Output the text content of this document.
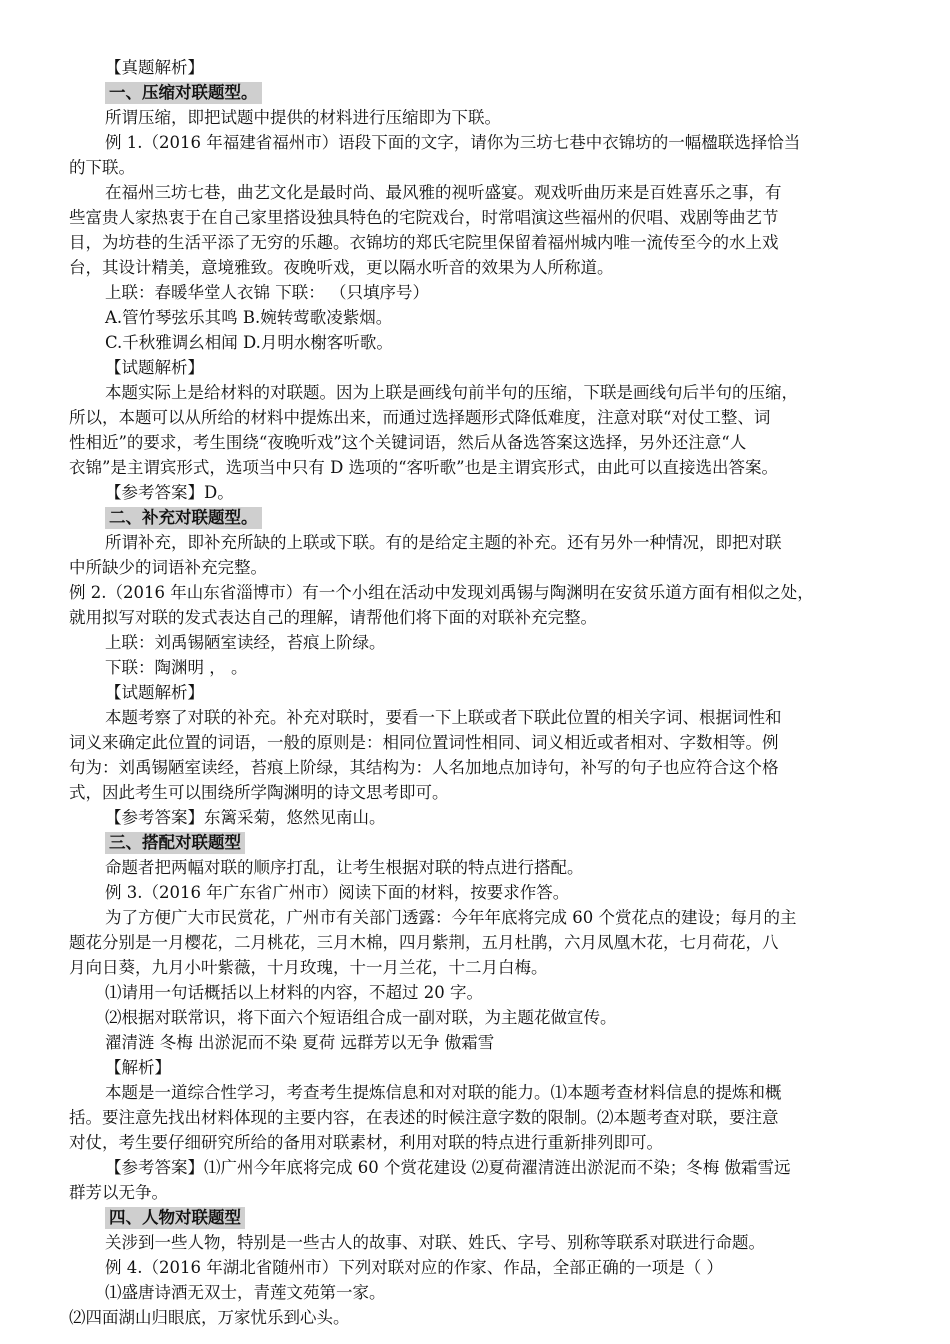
【真题解析】
一、压缩对联题型。
所谓压缩，即把试题中提供的材料进行压缩即为下联。
例 1.（2016 年福建省福州市）语段下面的文字，请你为三坊七巷中衣锦坊的一幅楹联选择恰当
的下联。
在福州三坊七巷，曲艺文化是最时尚、最风雅的视听盛宴。观戏听曲历来是百姓喜乐之事，有
些富贵人家热衷于在自己家里搭设独具特色的宅院戏台，时常唱演这些福州的伬唱、戏剧等曲艺节
目，为坊巷的生活平添了无穷的乐趣。衣锦坊的郑氏宅院里保留着福州城内唯一流传至今的水上戏
台，其设计精美，意境雅致。夜晚听戏，更以隔水听音的效果为人所称道。
上联：春暖华堂人衣锦 下联： （只填序号）
A.管竹琴弦乐其鸣 B.婉转莺歌凌紫烟。
C.千秋雅调幺相闻 D.月明水榭客听歌。
【试题解析】
本题实际上是给材料的对联题。因为上联是画线句前半句的压缩，下联是画线句后半句的压缩，
所以，本题可以从所给的材料中提炼出来，而通过选择题形式降低难度，注意对联“对仗工整、词
性相近”的要求，考生围绕“夜晚听戏”这个关键词语，然后从备选答案这选择，另外还注意“人
衣锦”是主谓宾形式，选项当中只有 D 选项的“客听歌”也是主谓宾形式，由此可以直接选出答案。
【参考答案】D。
二、补充对联题型。
所谓补充，即补充所缺的上联或下联。有的是给定主题的补充。还有另外一种情况，即把对联
中所缺少的词语补充完整。
例 2.（2016 年山东省淄博市）有一个小组在活动中发现刘禹锡与陶渊明在安贫乐道方面有相似之处，
就用拟写对联的发式表达自己的理解，请帮他们将下面的对联补充完整。
上联：刘禹锡陋室读经，苔痕上阶绿。
下联：陶渊明 ， 。
【试题解析】
本题考察了对联的补充。补充对联时，要看一下上联或者下联此位置的相关字词、根据词性和
词义来确定此位置的词语，一般的原则是：相同位置词性相同、词义相近或者相对、字数相等。例
句为：刘禹锡陋室读经，苔痕上阶绿，其结构为：人名加地点加诗句，补写的句子也应符合这个格
式，因此考生可以围绕所学陶渊明的诗文思考即可。
【参考答案】东篱采菊，悠然见南山。
三、搭配对联题型
命题者把两幅对联的顺序打乱，让考生根据对联的特点进行搭配。
例 3.（2016 年广东省广州市）阅读下面的材料，按要求作答。
为了方便广大市民赏花，广州市有关部门透露：今年年底将完成 60 个赏花点的建设；每月的主
题花分别是一月樱花，二月桃花，三月木棉，四月紫荆，五月杜鹃，六月凤凰木花，七月荷花，八
月向日葵，九月小叶紫薇，十月玫瑰，十一月兰花，十二月白梅。
⑴请用一句话概括以上材料的内容，不超过 20 字。
⑵根据对联常识，将下面六个短语组合成一副对联，为主题花做宣传。
濯清涟 冬梅 出淤泥而不染 夏荷 远群芳以无争 傲霜雪
【解析】
本题是一道综合性学习，考查考生提炼信息和对对联的能力。⑴本题考查材料信息的提炼和概
括。要注意先找出材料体现的主要内容，在表述的时候注意字数的限制。⑵本题考查对联，要注意
对仗，考生要仔细研究所给的备用对联素材，利用对联的特点进行重新排列即可。
【参考答案】⑴广州今年底将完成 60 个赏花建设 ⑵夏荷濯清涟出淤泥而不染；冬梅 傲霜雪远
群芳以无争。
四、人物对联题型
关涉到一些人物，特别是一些古人的故事、对联、姓氏、字号、别称等联系对联进行命题。
例 4.（2016 年湖北省随州市）下列对联对应的作家、作品，全部正确的一项是（ ）
⑴盛唐诗酒无双士，青莲文苑第一家。
⑵四面湖山归眼底，万家忧乐到心头。
